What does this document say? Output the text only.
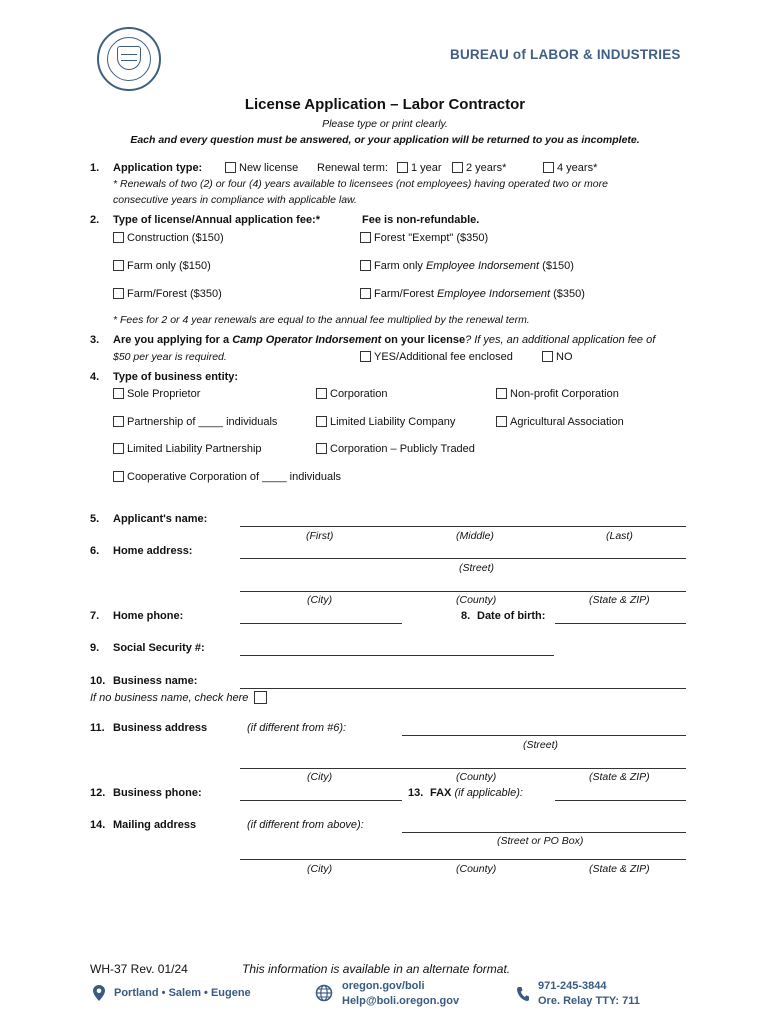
BUREAU of LABOR & INDUSTRIES
License Application – Labor Contractor
Please type or print clearly.
Each and every question must be answered, or your application will be returned to you as incomplete.
1. Application type:	New license Renewal term: 1 year 2 years*	4 years*
* Renewals of two (2) or four (4) years available to licensees (not employees) having operated two or more
consecutive years in compliance with applicable law.
2. Type of license/Annual application fee:*	Fee is non-refundable.
Construction ($150)	Forest "Exempt" ($350)
Farm only ($150)	Farm only Employee Indorsement ($150)
Farm/Forest ($350)	Farm/Forest Employee Indorsement ($350)
* Fees for 2 or 4 year renewals are equal to the annual fee multiplied by the renewal term.
3. Are you applying for a Camp Operator Indorsement on your license? If yes, an additional application fee of
$50 per year is required.	YES/Additional fee enclosed	NO
4. Type of business entity:
Sole Proprietor	Corporation	Non-profit Corporation
Partnership of ____ individuals	Limited Liability Company	Agricultural Association
Limited Liability Partnership	Corporation – Publicly Traded
Cooperative Corporation of ____ individuals
5. Applicant's name:
(First)	(Middle)	(Last)
6. Home address:
(Street)
(City)	(County)	(State & ZIP)
7. Home phone:	8. Date of birth:
9. Social Security #:
10. Business name:
If no business name, check here
11. Business address	(if different from #6):
(Street)
(City)	(County)	(State & ZIP)
12. Business phone:	13. FAX (if applicable):
14. Mailing address	(if different from above):
(Street or PO Box)
(City)	(County)	(State & ZIP)
WH-37 Rev. 01/24	This information is available in an alternate format.
Portland • Salem • Eugene
oregon.gov/boli
Help@boli.oregon.gov
971-245-3844
Ore. Relay TTY: 711
